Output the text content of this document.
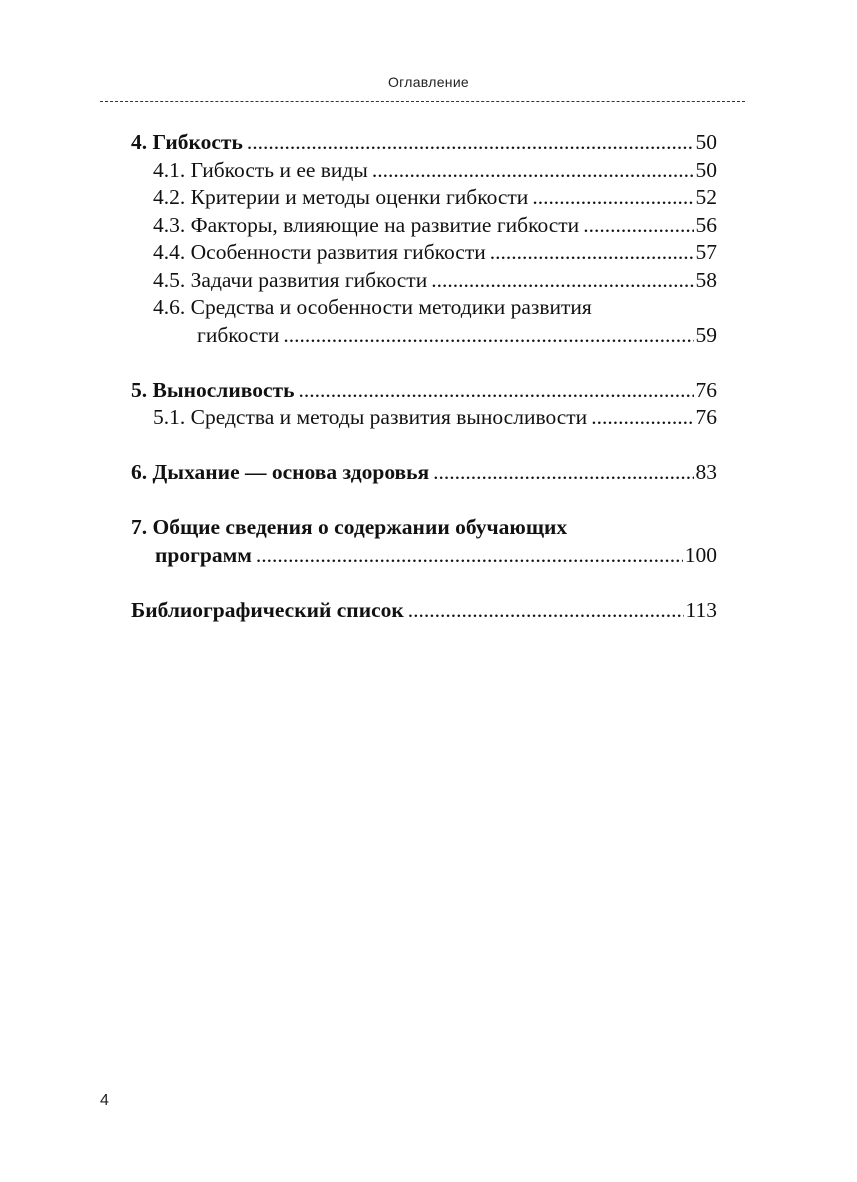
Оглавление
4. Гибкость .....	50
4.1. Гибкость и ее виды .....	50
4.2. Критерии и методы оценки гибкости .....	52
4.3. Факторы, влияющие на развитие гибкости .....	56
4.4. Особенности развития гибкости .....	57
4.5. Задачи развития гибкости .....	58
4.6. Средства и особенности методики развития
гибкости .....	59
5. Выносливость .....	76
5.1. Средства и методы развития выносливости .....	76
6. Дыхание — основа здоровья .....	83
7. Общие сведения о содержании обучающих
программ .....	100
Библиографический список .....	113
4
